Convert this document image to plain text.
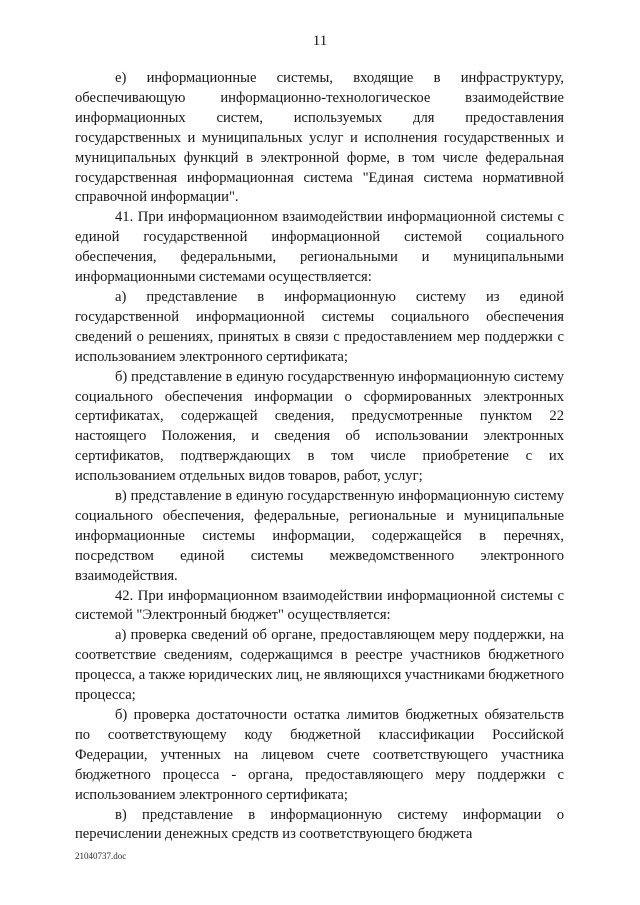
11

е) информационные системы, входящие в инфраструктуру, обеспечивающую информационно-технологическое взаимодействие информационных систем, используемых для предоставления государственных и муниципальных услуг и исполнения государственных и муниципальных функций в электронной форме, в том числе федеральная государственная информационная система "Единая система нормативной справочной информации".

41. При информационном взаимодействии информационной системы с единой государственной информационной системой социального обеспечения, федеральными, региональными и муниципальными информационными системами осуществляется:

а) представление в информационную систему из единой государственной информационной системы социального обеспечения сведений о решениях, принятых в связи с предоставлением мер поддержки с использованием электронного сертификата;

б) представление в единую государственную информационную систему социального обеспечения информации о сформированных электронных сертификатах, содержащей сведения, предусмотренные пунктом 22 настоящего Положения, и сведения об использовании электронных сертификатов, подтверждающих в том числе приобретение с их использованием отдельных видов товаров, работ, услуг;

в) представление в единую государственную информационную систему социального обеспечения, федеральные, региональные и муниципальные информационные системы информации, содержащейся в перечнях, посредством единой системы межведомственного электронного взаимодействия.

42. При информационном взаимодействии информационной системы с системой "Электронный бюджет" осуществляется:

а) проверка сведений об органе, предоставляющем меру поддержки, на соответствие сведениям, содержащимся в реестре участников бюджетного процесса, а также юридических лиц, не являющихся участниками бюджетного процесса;

б) проверка достаточности остатка лимитов бюджетных обязательств по соответствующему коду бюджетной классификации Российской Федерации, учтенных на лицевом счете соответствующего участника бюджетного процесса - органа, предоставляющего меру поддержки с использованием электронного сертификата;

в) представление в информационную систему информации о перечислении денежных средств из соответствующего бюджета

21040737.doc
